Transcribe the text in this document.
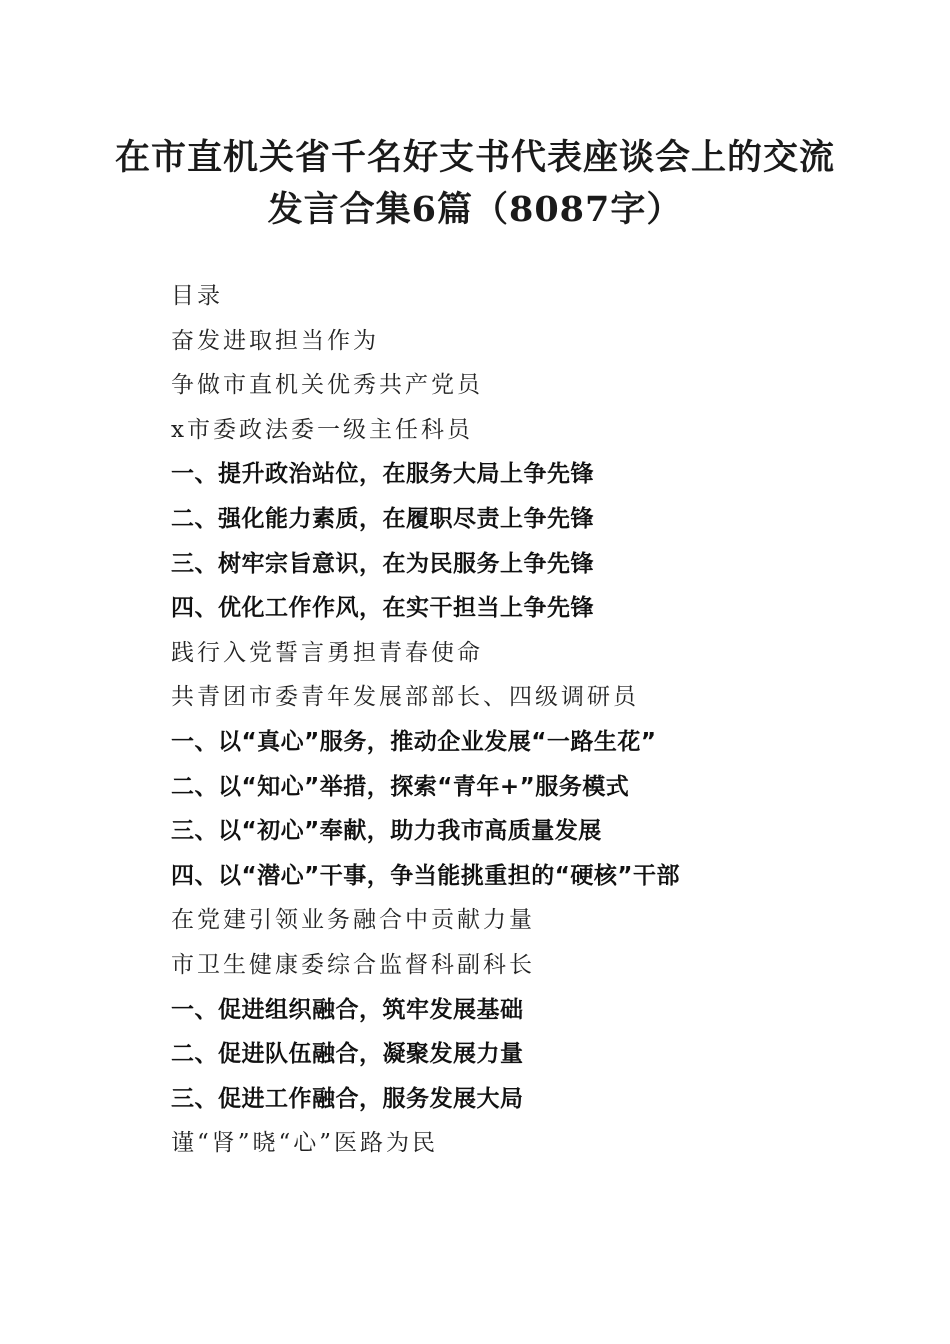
在市直机关省千名好支书代表座谈会上的交流
发言合集6篇（8087字）
目录
奋发进取担当作为
争做市直机关优秀共产党员
x市委政法委一级主任科员
一、提升政治站位，在服务大局上争先锋
二、强化能力素质，在履职尽责上争先锋
三、树牢宗旨意识，在为民服务上争先锋
四、优化工作作风，在实干担当上争先锋
践行入党誓言勇担青春使命
共青团市委青年发展部部长、四级调研员
一、以“真心”服务，推动企业发展“一路生花”
二、以“知心”举措，探索“青年+”服务模式
三、以“初心”奉献，助力我市高质量发展
四、以“潜心”干事，争当能挑重担的“硬核”干部
在党建引领业务融合中贡献力量
市卫生健康委综合监督科副科长
一、促进组织融合，筑牢发展基础
二、促进队伍融合，凝聚发展力量
三、促进工作融合，服务发展大局
谨“肾”晓“心”医路为民
